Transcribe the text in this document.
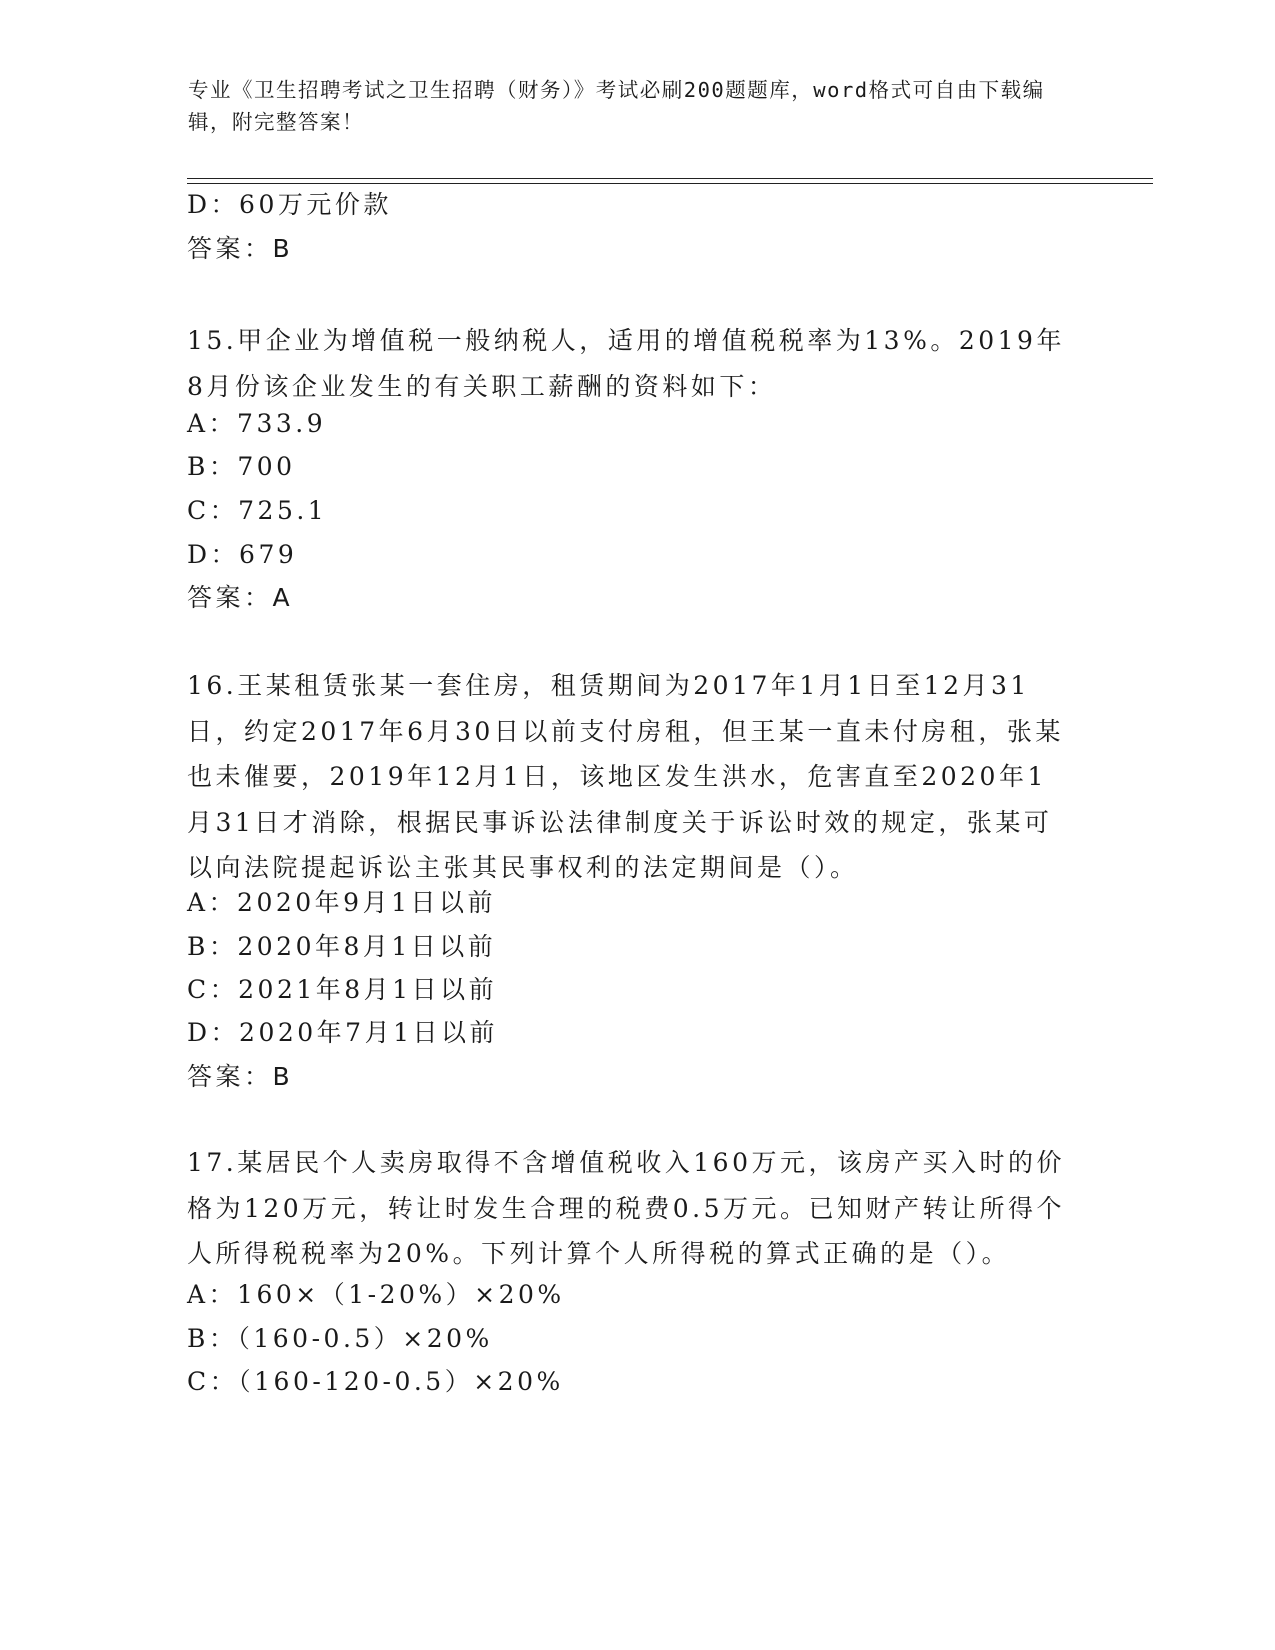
专业《卫生招聘考试之卫生招聘（财务）》考试必刷200题题库，word格式可自由下载编辑，附完整答案！
D：60万元价款
答案：B
15.甲企业为增值税一般纳税人，适用的增值税税率为13%。2019年8月份该企业发生的有关职工薪酬的资料如下：
A：733.9
B：700
C：725.1
D：679
答案：A
16.王某租赁张某一套住房，租赁期间为2017年1月1日至12月31日，约定2017年6月30日以前支付房租，但王某一直未付房租，张某也未催要，2019年12月1日，该地区发生洪水，危害直至2020年1月31日才消除，根据民事诉讼法律制度关于诉讼时效的规定，张某可以向法院提起诉讼主张其民事权利的法定期间是（）。
A：2020年9月1日以前
B：2020年8月1日以前
C：2021年8月1日以前
D：2020年7月1日以前
答案：B
17.某居民个人卖房取得不含增值税收入160万元，该房产买入时的价格为120万元，转让时发生合理的税费0.5万元。已知财产转让所得个人所得税税率为20%。下列计算个人所得税的算式正确的是（）。
A：160×（1-20%）×20%
B：（160-0.5）×20%
C：（160-120-0.5）×20%
